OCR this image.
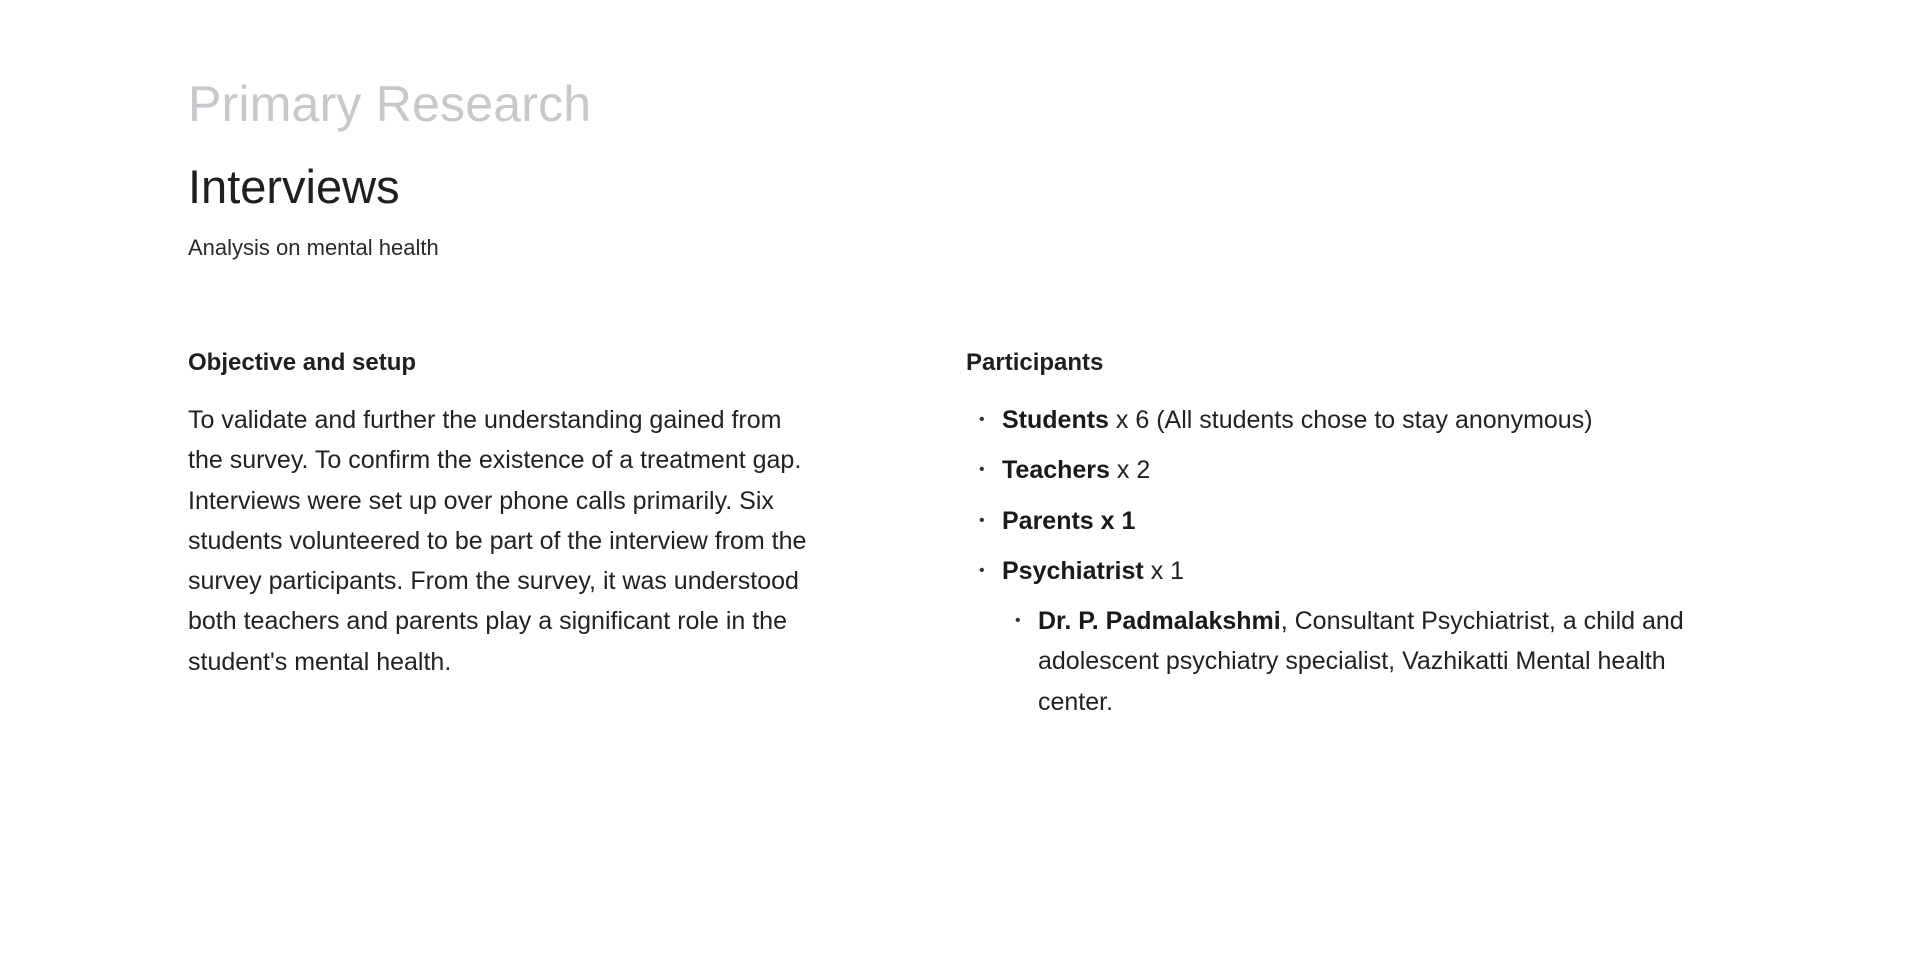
Primary Research
Interviews
Analysis on mental health
Objective and setup

To validate and further the understanding gained from the survey. To confirm the existence of a treatment gap. Interviews were set up over phone calls primarily. Six students volunteered to be part of the interview from the survey participants. From the survey, it was understood both teachers and parents play a significant role in the student's mental health.

Participants
• Students x 6 (All students chose to stay anonymous)
• Teachers x 2
• Parents x 1
• Psychiatrist x 1
• Dr. P. Padmalakshmi, Consultant Psychiatrist, a child and adolescent psychiatry specialist, Vazhikatti Mental health center.
